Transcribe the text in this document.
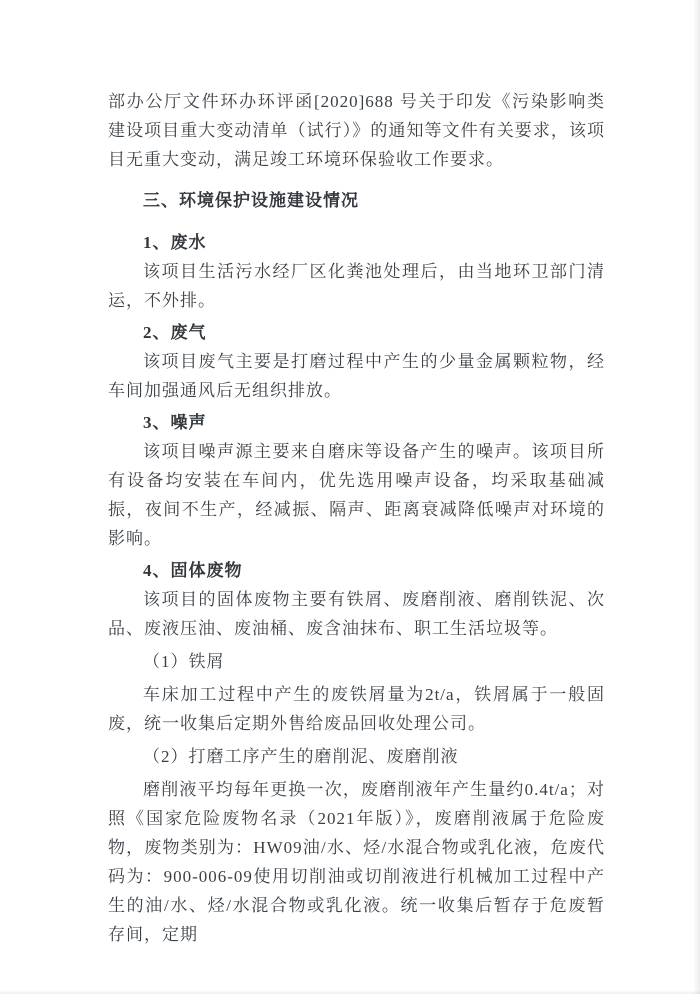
部办公厅文件环办环评函[2020]688 号关于印发《污染影响类建设项目重大变动清单（试行）》的通知等文件有关要求，该项目无重大变动，满足竣工环境环保验收工作要求。

三、环境保护设施建设情况

1、废水

该项目生活污水经厂区化粪池处理后，由当地环卫部门清运，不外排。

2、废气

该项目废气主要是打磨过程中产生的少量金属颗粒物，经车间加强通风后无组织排放。

3、噪声

该项目噪声源主要来自磨床等设备产生的噪声。该项目所有设备均安装在车间内，优先选用噪声设备，均采取基础减振，夜间不生产，经减振、隔声、距离衰减降低噪声对环境的影响。

4、固体废物

该项目的固体废物主要有铁屑、废磨削液、磨削铁泥、次品、废液压油、废油桶、废含油抹布、职工生活垃圾等。

（1）铁屑

车床加工过程中产生的废铁屑量为2t/a，铁屑属于一般固废，统一收集后定期外售给废品回收处理公司。

（2）打磨工序产生的磨削泥、废磨削液

磨削液平均每年更换一次，废磨削液年产生量约0.4t/a；对照《国家危险废物名录（2021年版）》，废磨削液属于危险废物，废物类别为：HW09油/水、烃/水混合物或乳化液，危废代码为：900-006-09使用切削油或切削液进行机械加工过程中产生的油/水、烃/水混合物或乳化液。统一收集后暂存于危废暂存间，定期
